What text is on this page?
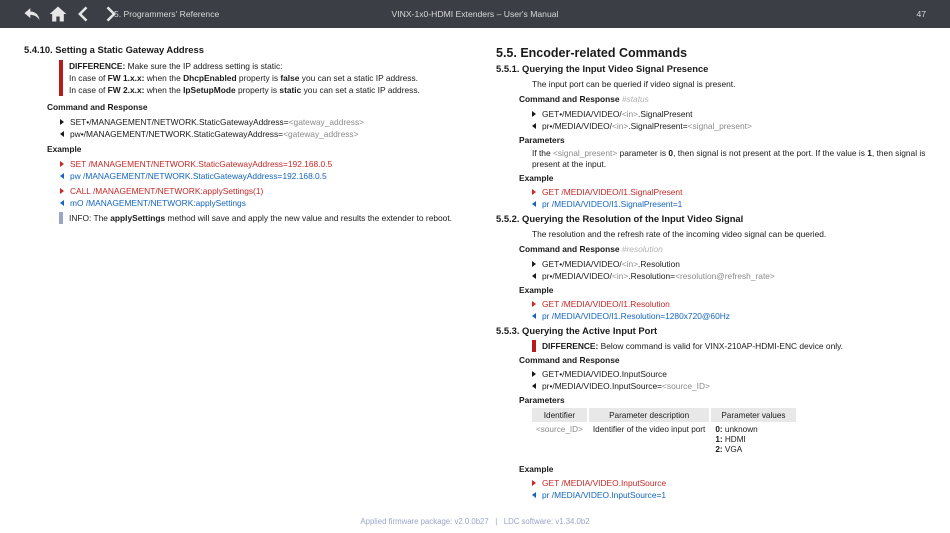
5. Programmers' Reference	VINX-1x0-HDMI Extenders – User's Manual	47
5.4.10. Setting a Static Gateway Address
DIFFERENCE: Make sure the IP address setting is static:
In case of FW 1.x.x: when the DhcpEnabled property is false you can set a static IP address.
In case of FW 2.x.x: when the IpSetupMode property is static you can set a static IP address.
Command and Response
SET•/MANAGEMENT/NETWORK.StaticGatewayAddress=<gateway_address>
pw•/MANAGEMENT/NETWORK.StaticGatewayAddress=<gateway_address>
Example
SET /MANAGEMENT/NETWORK.StaticGatewayAddress=192.168.0.5
pw /MANAGEMENT/NETWORK.StaticGatewayAddress=192.168.0.5
CALL /MANAGEMENT/NETWORK:applySettings(1)
mO /MANAGEMENT/NETWORK:applySettings
INFO: The applySettings method will save and apply the new value and results the extender to reboot.
5.5. Encoder-related Commands
5.5.1. Querying the Input Video Signal Presence
The input port can be queried if video signal is present.
Command and Response #status
GET•/MEDIA/VIDEO/<in>.SignalPresent
pr•/MEDIA/VIDEO/<in>.SignalPresent=<signal_present>
Parameters
If the <signal_present> parameter is 0, then signal is not present at the port. If the value is 1, then signal is
present at the input.
Example
GET /MEDIA/VIDEO/I1.SignalPresent
pr /MEDIA/VIDEO/I1.SignalPresent=1
5.5.2. Querying the Resolution of the Input Video Signal
The resolution and the refresh rate of the incoming video signal can be queried.
Command and Response #resolution
GET•/MEDIA/VIDEO/<in>.Resolution
pr•/MEDIA/VIDEO/<in>.Resolution=<resolution@refresh_rate>
Example
GET /MEDIA/VIDEO/I1.Resolution
pr /MEDIA/VIDEO/I1.Resolution=1280x720@60Hz
5.5.3. Querying the Active Input Port
DIFFERENCE: Below command is valid for VINX-210AP-HDMI-ENC device only.
Command and Response
GET•/MEDIA/VIDEO.InputSource
pr•/MEDIA/VIDEO.InputSource=<source_ID>
Parameters
Identifier	Parameter description	Parameter values
<source_ID>	Identifier of the video input port	0: unknown
1: HDMI
2: VGA
Example
GET /MEDIA/VIDEO.InputSource
pr /MEDIA/VIDEO.InputSource=1
Applied firmware package: v2.0.0b27 | LDC software: v1.34.0b2
